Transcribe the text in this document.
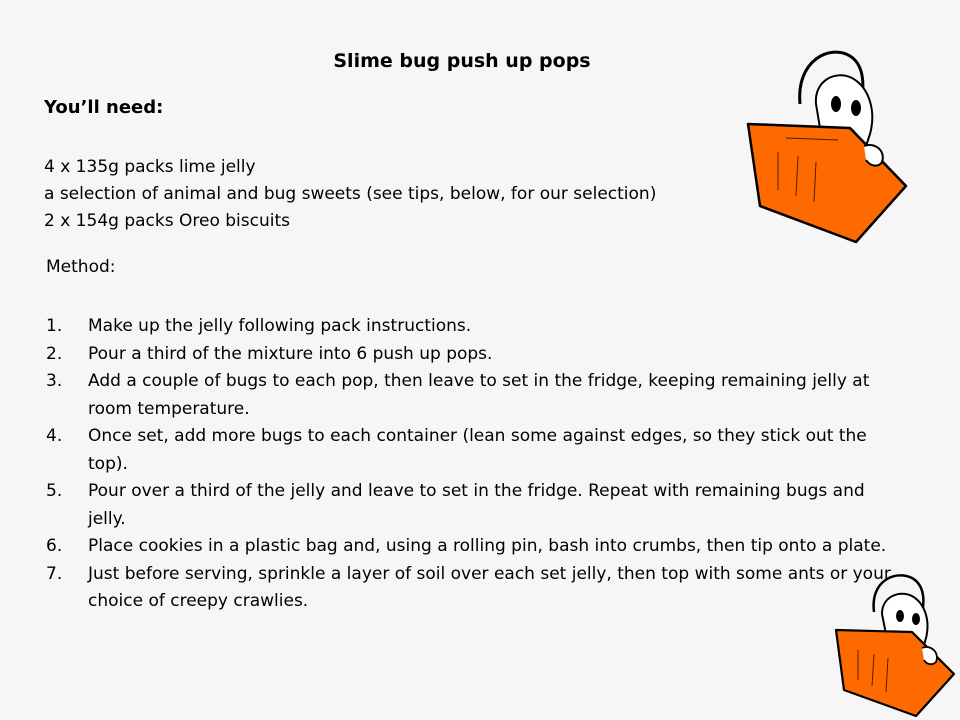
Slime bug push up pops
You’ll need:
4 x 135g packs lime jelly
a selection of animal and bug sweets (see tips, below, for our selection)
2 x 154g packs Oreo biscuits
Method:
1.	Make up the jelly following pack instructions.
2.	Pour a third of the mixture into 6 push up pops.
3.	Add a couple of bugs to each pop, then leave to set in the fridge, keeping remaining jelly at room temperature.
4.	Once set, add more bugs to each container (lean some against edges, so they stick out the top).
5.	Pour over a third of the jelly and leave to set in the fridge. Repeat with remaining bugs and jelly.
6.	Place cookies in a plastic bag and, using a rolling pin, bash into crumbs, then tip onto a plate.
7.	Just before serving, sprinkle a layer of soil over each set jelly, then top with some ants or your choice of creepy crawlies.
